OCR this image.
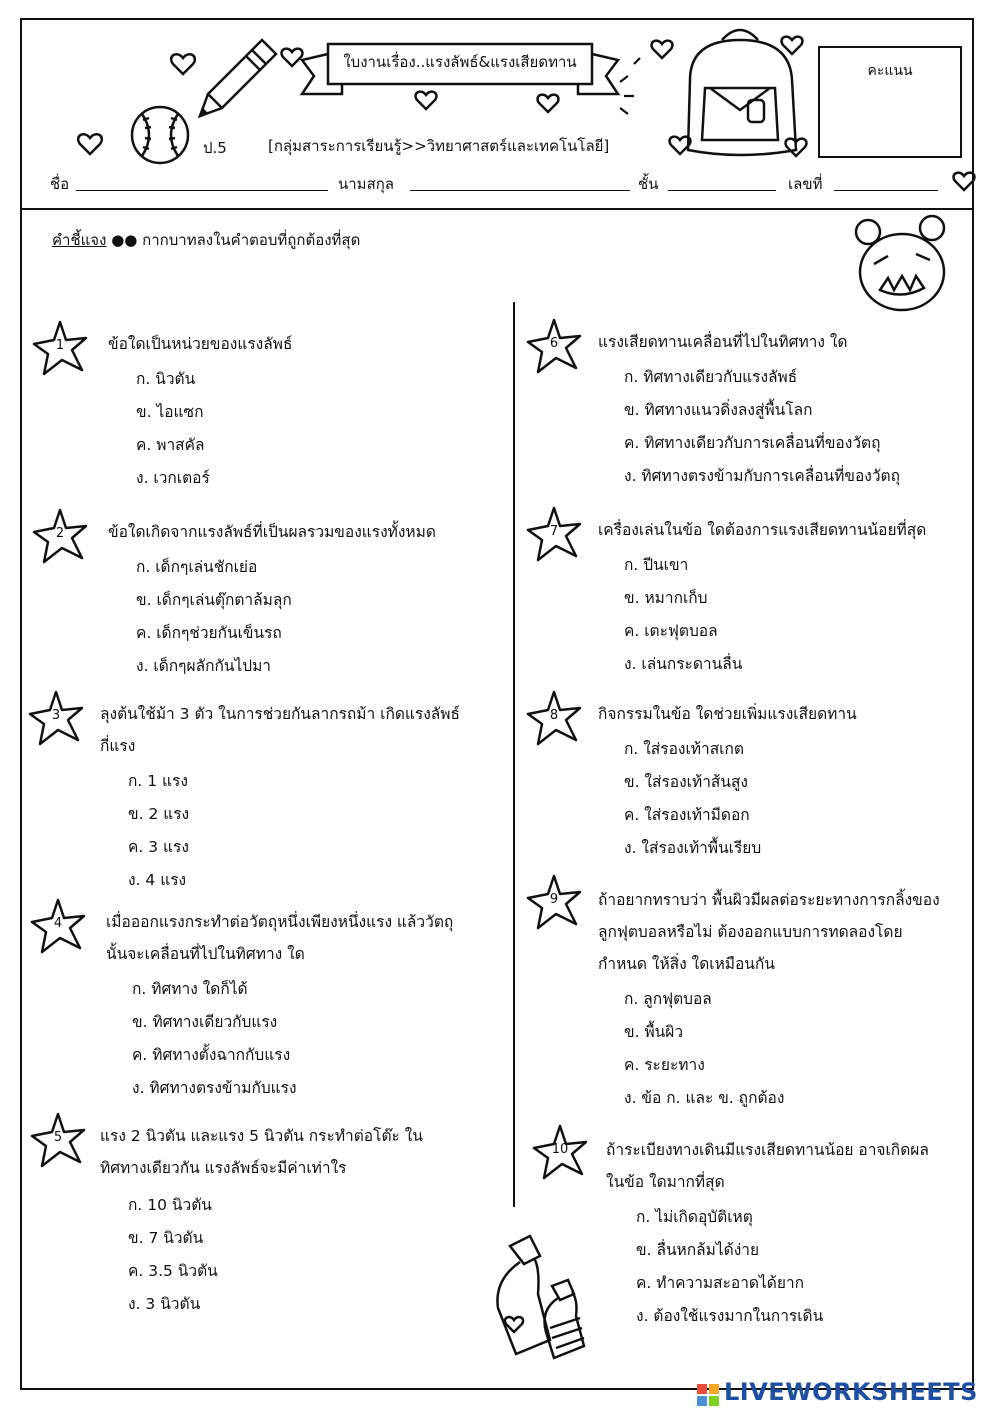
ใบงานเรื่อง..แรงลัพธ์&แรงเสียดทาน	คะแนน
ป.5	[กลุ่มสาระการเรียนรู้>>วิทยาศาสตร์และเทคโนโลยี]
ชื่อ	นามสกุล	ชั้น	เลขที่
คำชี้แจง ●● กากบาทลงในคำตอบที่ถูกต้องที่สุด
1	ข้อใดเป็นหน่วยของแรงลัพธ์
ก. นิวตัน
ข. ไอแซก
ค. พาสคัล
ง. เวกเตอร์
2	ข้อใดเกิดจากแรงลัพธ์ที่เป็นผลรวมของแรงทั้งหมด
ก. เด็กๆเล่นชักเย่อ
ข. เด็กๆเล่นตุ๊กตาล้มลุก
ค. เด็กๆช่วยกันเข็นรถ
ง. เด็กๆผลักกันไปมา
3	ลุงต้นใช้ม้า 3 ตัว ในการช่วยกันลากรถม้า เกิดแรงลัพธ์
กี่แรง
ก. 1 แรง
ข. 2 แรง
ค. 3 แรง
ง. 4 แรง
4	เมื่อออกแรงกระทำต่อวัตถุหนึ่งเพียงหนึ่งแรง แล้ววัตถุ
นั้นจะเคลื่อนที่ไปในทิศทาง ใด
ก. ทิศทาง ใดก็ได้
ข. ทิศทางเดียวกับแรง
ค. ทิศทางตั้งฉากกับแรง
ง. ทิศทางตรงข้ามกับแรง
5	แรง 2 นิวตัน และแรง 5 นิวตัน กระทำต่อโต๊ะ ใน
ทิศทางเดียวกัน แรงลัพธ์จะมีค่าเท่าใร
ก. 10 นิวตัน
ข. 7 นิวตัน
ค. 3.5 นิวตัน
ง. 3 นิวตัน
6	แรงเสียดทานเคลื่อนที่ไปในทิศทาง ใด
ก. ทิศทางเดียวกับแรงลัพธ์
ข. ทิศทางแนวดิ่งลงสู่พื้นโลก
ค. ทิศทางเดียวกับการเคลื่อนที่ของวัตถุ
ง. ทิศทางตรงข้ามกับการเคลื่อนที่ของวัตถุ
7	เครื่องเล่นในข้อ ใดต้องการแรงเสียดทานน้อยที่สุด
ก. ปีนเขา
ข. หมากเก็บ
ค. เตะฟุตบอล
ง. เล่นกระดานลื่น
8	กิจกรรมในข้อ ใดช่วยเพิ่มแรงเสียดทาน
ก. ใส่รองเท้าสเกต
ข. ใส่รองเท้าส้นสูง
ค. ใส่รองเท้ามีดอก
ง. ใส่รองเท้าพื้นเรียบ
9	ถ้าอยากทราบว่า พื้นผิวมีผลต่อระยะทางการกลิ้งของ
ลูกฟุตบอลหรือไม่ ต้องออกแบบการทดลองโดย
กำหนด ให้สิ่ง ใดเหมือนกัน
ก. ลูกฟุตบอล
ข. พื้นผิว
ค. ระยะทาง
ง. ข้อ ก. และ ข. ถูกต้อง
10	ถ้าระเบียงทางเดินมีแรงเสียดทานน้อย อาจเกิดผล
ในข้อ ใดมากที่สุด
ก. ไม่เกิดอุบัติเหตุ
ข. ลื่นหกล้มได้ง่าย
ค. ทำความสะอาดได้ยาก
ง. ต้องใช้แรงมากในการเดิน
LIVEWORKSHEETS
